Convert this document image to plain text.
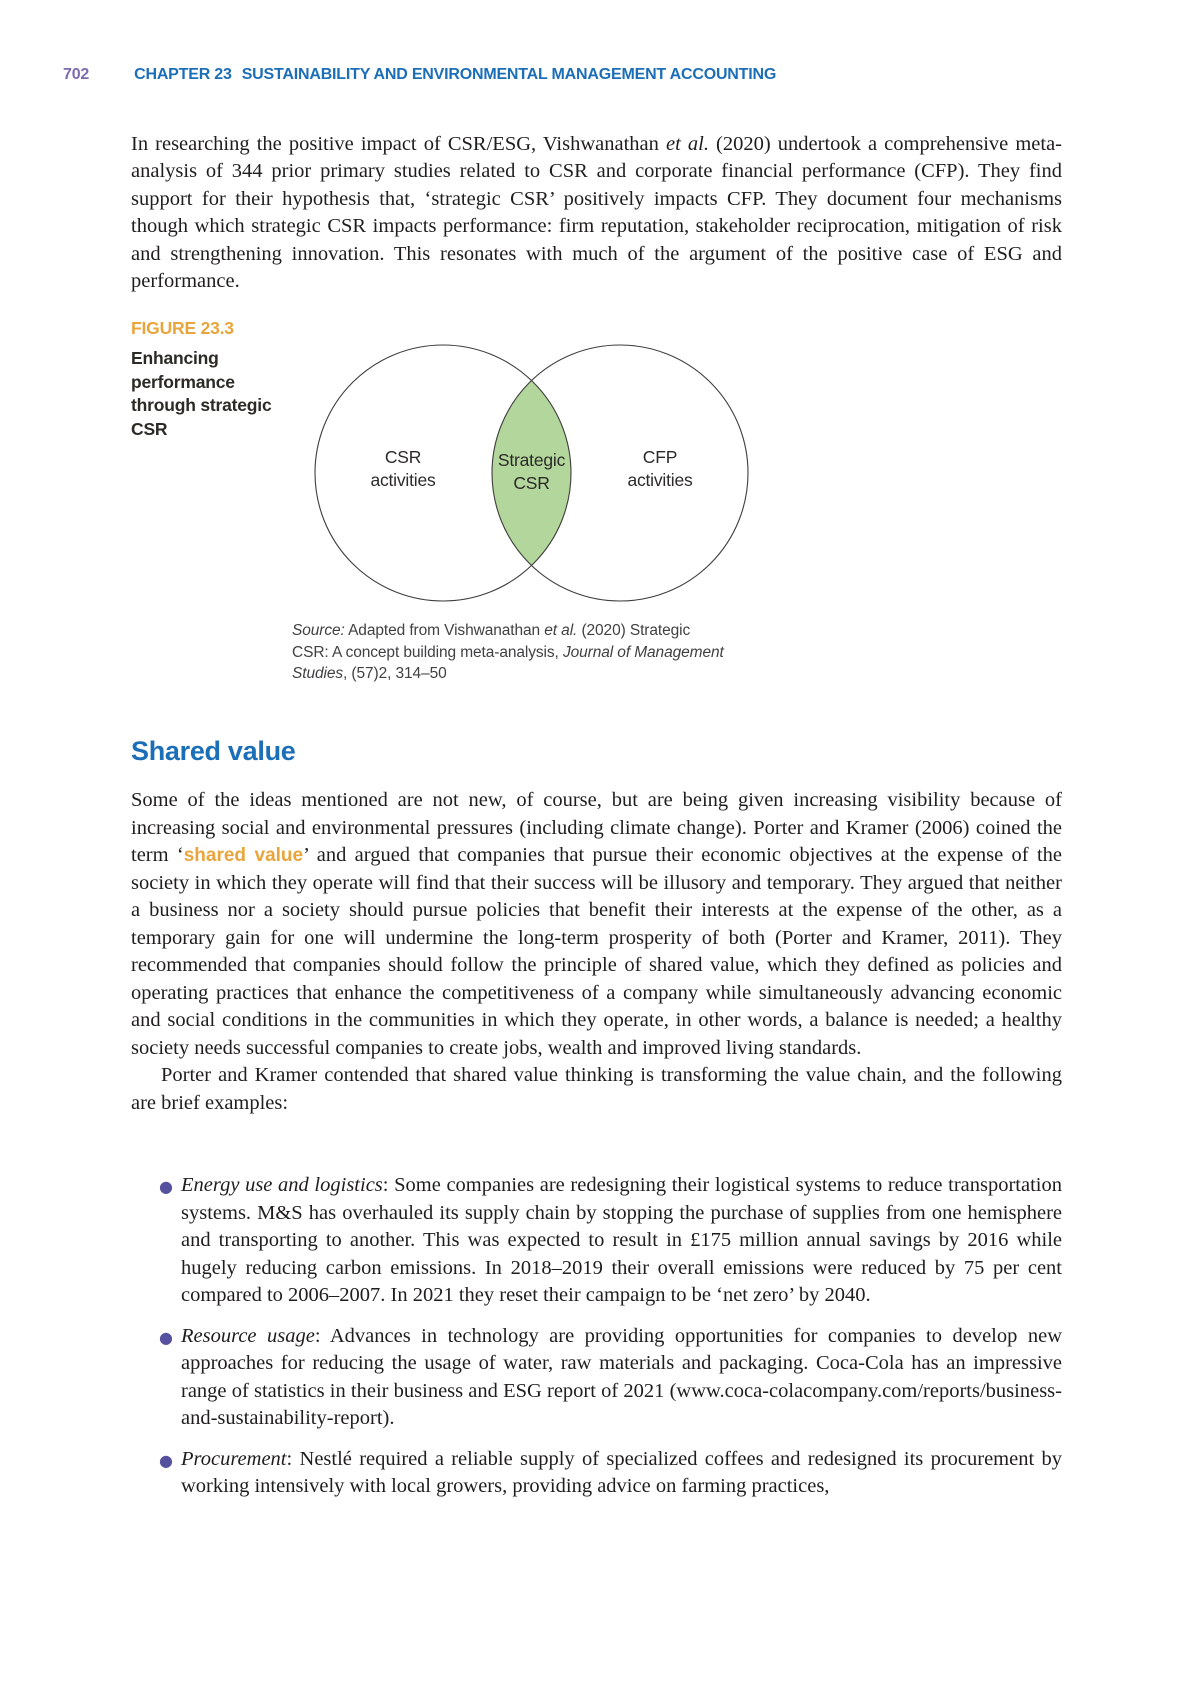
702	CHAPTER 23 SUSTAINABILITY AND ENVIRONMENTAL MANAGEMENT ACCOUNTING

In researching the positive impact of CSR/ESG, Vishwanathan et al. (2020) undertook a comprehensive meta-analysis of 344 prior primary studies related to CSR and corporate financial performance (CFP). They find support for their hypothesis that, ‘strategic CSR’ positively impacts CFP. They document four mechanisms though which strategic CSR impacts performance: firm reputation, stakeholder reciprocation, mitigation of risk and strengthening innovation. This resonates with much of the argument of the positive case of ESG and performance.

FIGURE 23.3
Enhancing performance through strategic CSR
CSR
activities
Strategic
CSR
CFP
activities
Source: Adapted from Vishwanathan et al. (2020) Strategic CSR: A concept building meta-analysis, Journal of Management Studies, (57)2, 314–50
Shared value

Some of the ideas mentioned are not new, of course, but are being given increasing visibility because of increasing social and environmental pressures (including climate change). Porter and Kramer (2006) coined the term ‘shared value’ and argued that companies that pursue their economic objectives at the expense of the society in which they operate will find that their success will be illusory and temporary. They argued that neither a business nor a society should pursue policies that benefit their interests at the expense of the other, as a temporary gain for one will undermine the long-term prosperity of both (Porter and Kramer, 2011). They recommended that companies should follow the principle of shared value, which they defined as policies and operating practices that enhance the competitiveness of a company while simultaneously advancing economic and social conditions in the communities in which they operate, in other words, a balance is needed; a healthy society needs successful companies to create jobs, wealth and improved living standards.

Porter and Kramer contended that shared value thinking is transforming the value chain, and the following are brief examples:

● Energy use and logistics: Some companies are redesigning their logistical systems to reduce transportation systems. M&S has overhauled its supply chain by stopping the purchase of supplies from one hemisphere and transporting to another. This was expected to result in £175 million annual savings by 2016 while hugely reducing carbon emissions. In 2018–2019 their overall emissions were reduced by 75 per cent compared to 2006–2007. In 2021 they reset their campaign to be ‘net zero’ by 2040.
● Resource usage: Advances in technology are providing opportunities for companies to develop new approaches for reducing the usage of water, raw materials and packaging. Coca-Cola has an impressive range of statistics in their business and ESG report of 2021 (www.coca-colacompany.com/reports/business-and-sustainability-report).
● Procurement: Nestlé required a reliable supply of specialized coffees and redesigned its procurement by working intensively with local growers, providing advice on farming practices,
